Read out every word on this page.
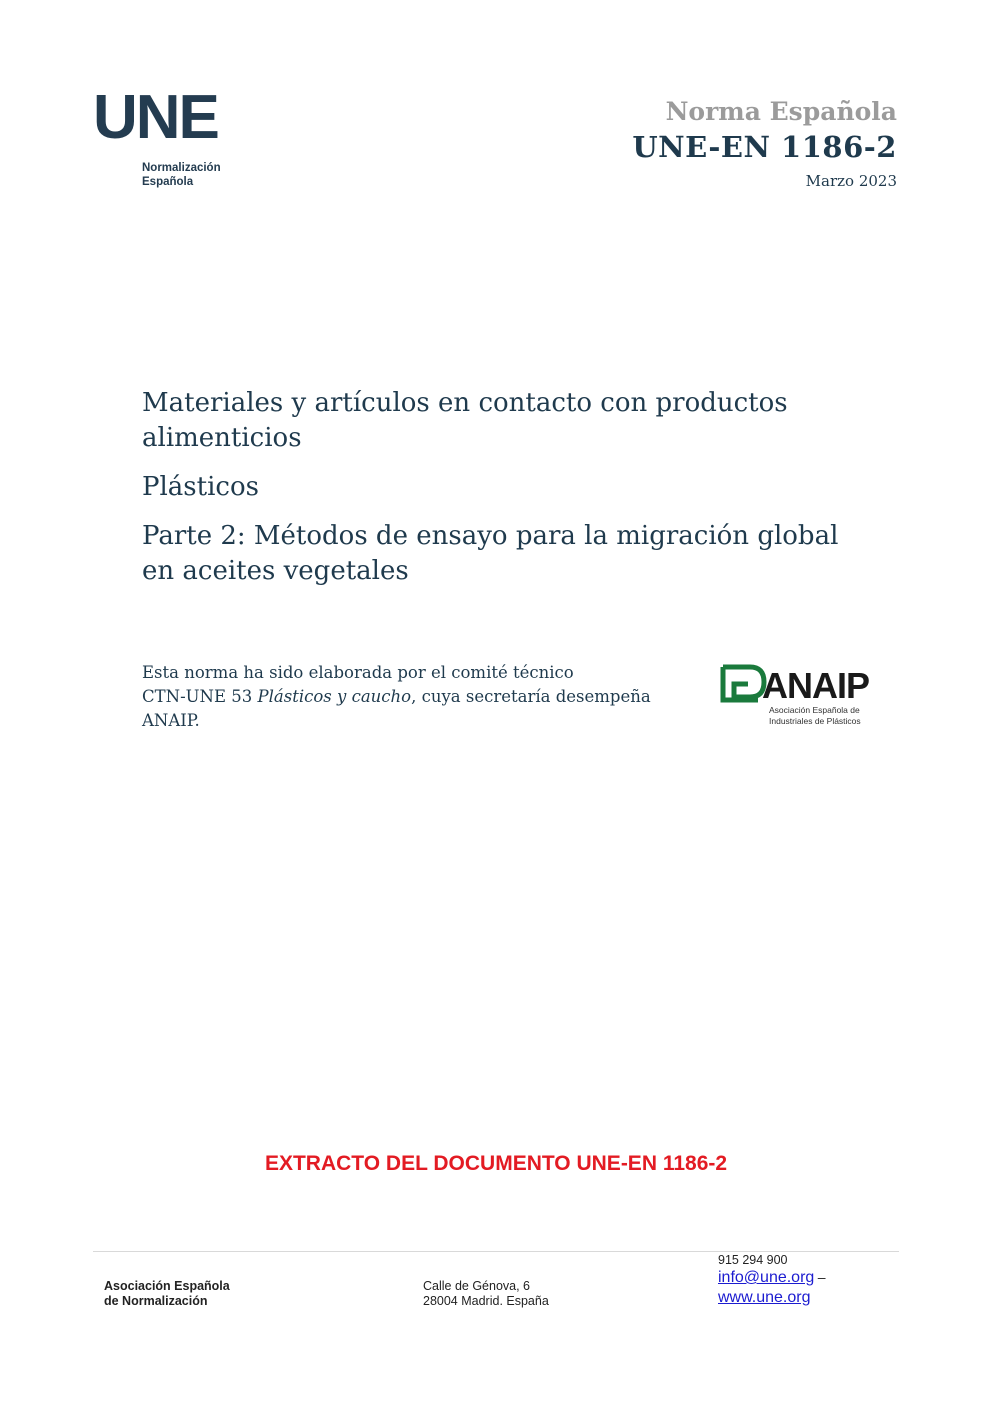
UNE
Normalización
Española
Norma Española
UNE-EN 1186-2
Marzo 2023
Materiales y artículos en contacto con productos
alimenticios
Plásticos
Parte 2: Métodos de ensayo para la migración global
en aceites vegetales
Esta norma ha sido elaborada por el comité técnico
CTN-UNE 53 Plásticos y caucho, cuya secretaría desempeña
ANAIP.
ANAIP
Asociación Española de
Industriales de Plásticos
EXTRACTO DEL DOCUMENTO UNE-EN 1186-2
Asociación Española
de Normalización
Calle de Génova, 6
28004 Madrid. España
915 294 900
info@une.org –
www.une.org
